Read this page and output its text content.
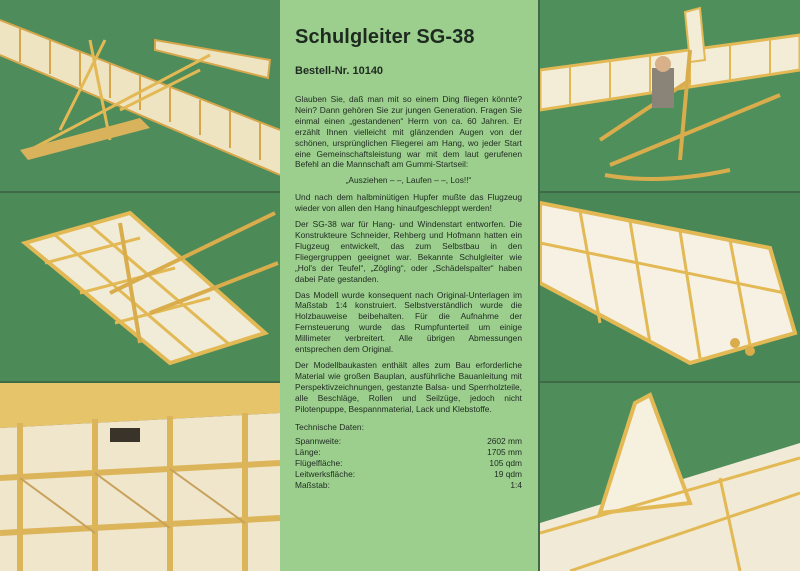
Schulgleiter SG-38
Bestell-Nr. 10140

Glauben Sie, daß man mit so einem Ding fliegen könnte? Nein? Dann gehören Sie zur jungen Generation. Fragen Sie einmal einen „gestandenen“ Herrn von ca. 60 Jahren. Er erzählt Ihnen vielleicht mit glänzenden Augen von der schönen, ursprünglichen Fliegerei am Hang, wo jeder Start eine Gemeinschaftsleistung war mit dem laut gerufenen Befehl an die Mannschaft am Gummi-Startseil:

„Ausziehen – –, Laufen – –, Los!!“

Und nach dem halbminütigen Hupfer mußte das Flugzeug wieder von allen den Hang hinaufgeschleppt werden!

Der SG-38 war für Hang- und Windenstart entworfen. Die Konstrukteure Schneider, Rehberg und Hofmann hatten ein Flugzeug entwickelt, das zum Selbstbau in den Fliegergruppen geeignet war. Bekannte Schulgleiter wie „Hol's der Teufel“, „Zögling“, oder „Schädelspalter“ haben dabei Pate gestanden.

Das Modell wurde konsequent nach Original-Unterlagen im Maßstab 1:4 konstruiert. Selbstverständlich wurde die Holzbauweise beibehalten. Für die Aufnahme der Fernsteuerung wurde das Rumpfunterteil um einige Millimeter verbreitert. Alle übrigen Abmessungen entsprechen dem Original.

Der Modellbaukasten enthält alles zum Bau erforderliche Material wie großen Bauplan, ausführliche Bauanleitung mit Perspektivzeichnungen, gestanzte Balsa- und Sperrholzteile, alle Beschläge, Rollen und Seilzüge, jedoch nicht Pilotenpuppe, Bespannmaterial, Lack und Klebstoffe.

Technische Daten:
Spannweite:	2602 mm
Länge:	1705 mm
Flügelfläche:	105 qdm
Leitwerksfläche:	19 qdm
Maßstab:	1:4
